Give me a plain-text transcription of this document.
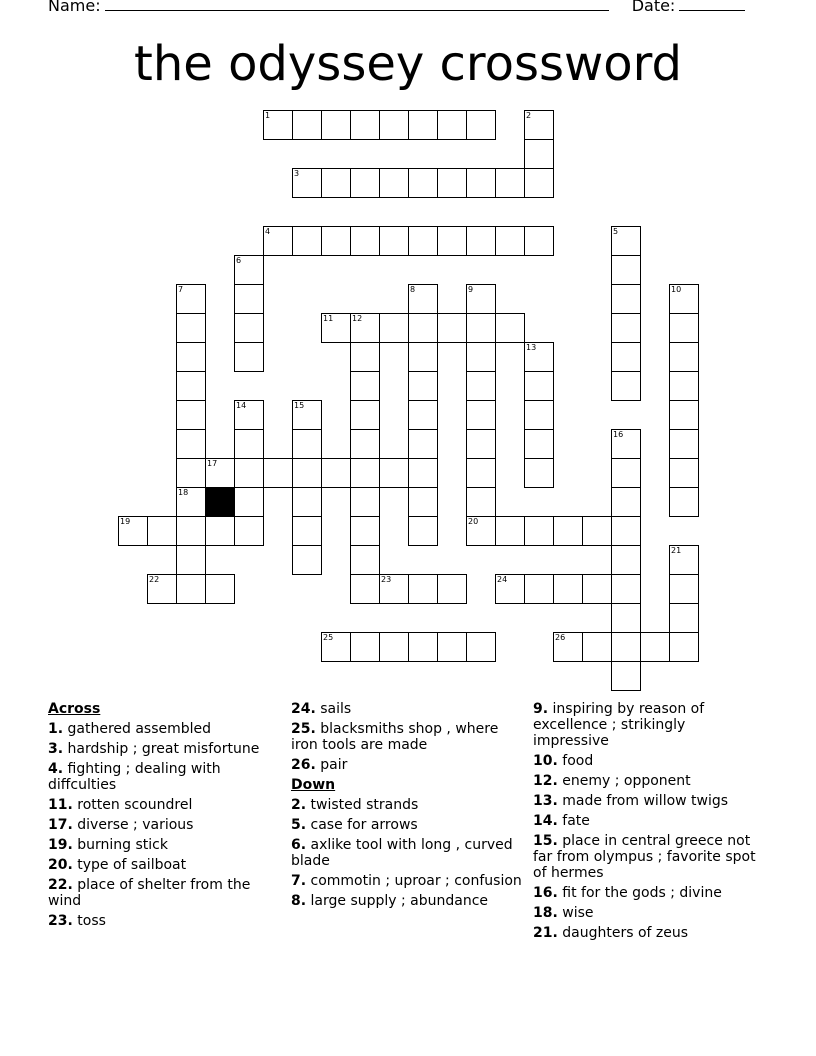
Name:	Date:
the odyssey crossword
1
3
4
11 12
17
19	20
22	23	24
25	26
2
5
6
7	8	9	10
13
14	15
16
18
21
Across
1. gathered assembled
3. hardship ; great misfortune
4. fighting ; dealing with diffculties
11. rotten scoundrel
17. diverse ; various
19. burning stick
20. type of sailboat
22. place of shelter from the wind
23. toss
24. sails
25. blacksmiths shop , where iron tools are made
26. pair
Down
2. twisted strands
5. case for arrows
6. axlike tool with long , curved blade
7. commotin ; uproar ; confusion
8. large supply ; abundance
9. inspiring by reason of excellence ; strikingly impressive
10. food
12. enemy ; opponent
13. made from willow twigs
14. fate
15. place in central greece not far from olympus ; favorite spot of hermes
16. fit for the gods ; divine
18. wise
21. daughters of zeus
